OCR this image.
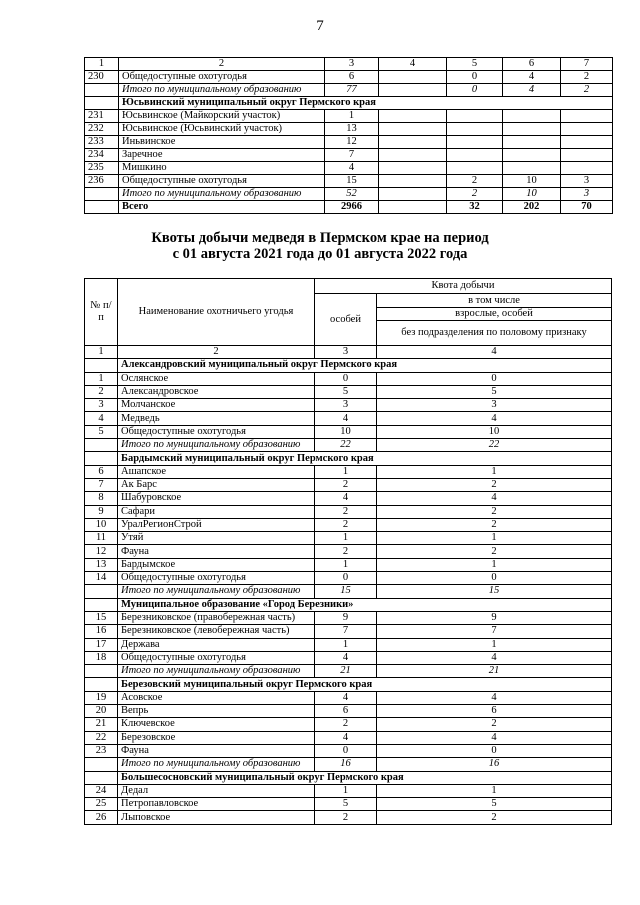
7
1	2	3	4	5	6	7
230	Общедоступные охотугодья	6		0	4	2
	Итого по муниципальному образованию	77		0	4	2
	Юсьвинский муниципальный округ Пермского края					
231	Юсьвинское (Майкорский участок)	1				
232	Юсьвинское (Юсьвинский участок)	13				
233	Иньвинское	12				
234	Заречное	7				
235	Мишкино	4				
236	Общедоступные охотугодья	15		2	10	3
	Итого по муниципальному образованию	52		2	10	3
	Всего	2966		32	202	70
Квоты добычи медведя в Пермском крае на период
с 01 августа 2021 года до 01 августа 2022 года
№ п/п	Наименование охотничьего угодья	Квота добычи	
		особей	в том числе
			взрослые, особей
			без подразделения по половому признаку
1	2	3	4
	Александровский муниципальный округ Пермского края		
1	Ослянское	0	0
2	Александровское	5	5
3	Молчанское	3	3
4	Медведь	4	4
5	Общедоступные охотугодья	10	10
	Итого по муниципальному образованию	22	22
	Бардымский муниципальный округ Пермского края		
6	Ашапское	1	1
7	Ак Барс	2	2
8	Шабуровское	4	4
9	Сафари	2	2
10	УралРегионСтрой	2	2
11	Утяй	1	1
12	Фауна	2	2
13	Бардымское	1	1
14	Общедоступные охотугодья	0	0
	Итого по муниципальному образованию	15	15
	Муниципальное образование «Город Березники»		
15	Березниковское (правобережная часть)	9	9
16	Березниковское (левобережная часть)	7	7
17	Держава	1	1
18	Общедоступные охотугодья	4	4
	Итого по муниципальному образованию	21	21
	Березовский муниципальный округ Пермского края		
19	Асовское	4	4
20	Вепрь	6	6
21	Ключевское	2	2
22	Березовское	4	4
23	Фауна	0	0
	Итого по муниципальному образованию	16	16
	Большесосновский муниципальный округ Пермского края		
24	Дедал	1	1
25	Петропавловское	5	5
26	Лыповское	2	2
